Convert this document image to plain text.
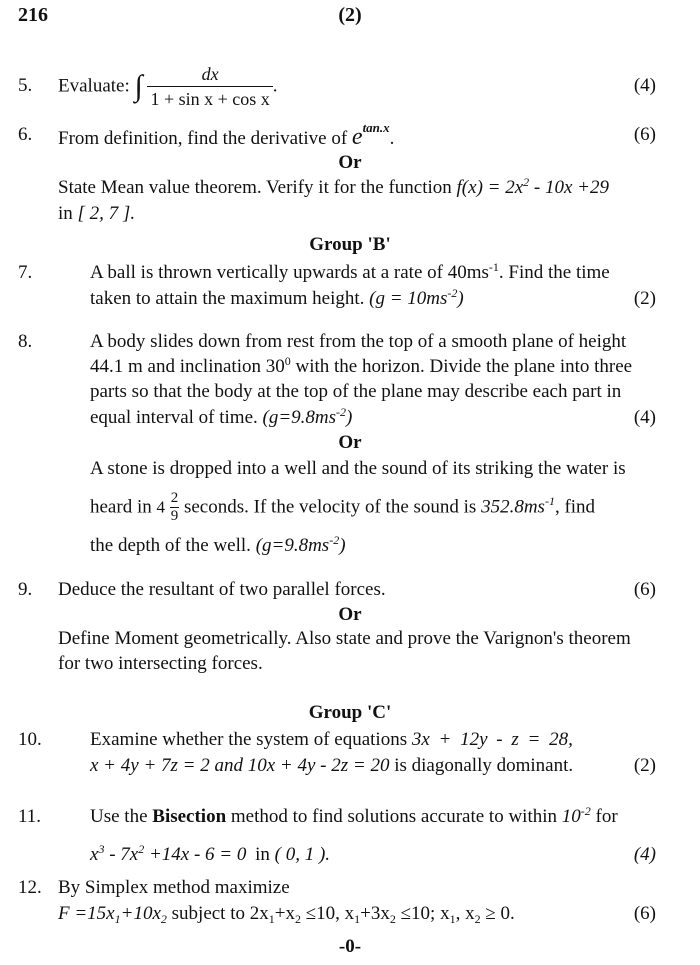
216	(2)
5. Evaluate: ∫ $\frac{dx}{\text{1 + sin x + cos x}}$ .	(4)
6. From definition, find the derivative of $e^{tan.x}$.	(6)
Or
State Mean value theorem. Verify it for the function $f(x) = 2x^2 - 10x +29$
in [ 2, 7 ].
Group 'B'
7.	A ball is thrown vertically upwards at a rate of $40ms^{-1}$. Find the time
taken to attain the maximum height. $(g = 10ms^{-2})$	(2)
8.	A body slides down from rest from the top of a smooth plane of height
44.1 m and inclination $30^0$ with the horizon. Divide the plane into three
parts so that the body at the top of the plane may describe each part in
equal interval of time. $(g=9.8ms^{-2})$	(4)
Or
A stone is dropped into a well and the sound of its striking the water is
heard in $4 \frac{2}{9}$ seconds. If the velocity of the sound is $352.8ms^{-1}$, find
the depth of the well. $(g=9.8ms^{-2})$
9. Deduce the resultant of two parallel forces.	(6)
Or
Define Moment geometrically. Also state and prove the Varignon's theorem
for two intersecting forces.
Group 'C'
10.	Examine whether the system of equations 3x + 12y - z = 28,
x + 4y + 7z = 2 and 10x + 4y - 2z = 20 is diagonally dominant.	(2)
11.	Use the Bisection method to find solutions accurate to within $10^{-2}$ for
$x^3 - 7x^2 +14x - 6 = 0$ in ( 0, 1 ).	(4)
12. By Simplex method maximize
$F =15x_1+10x_2$ subject to $2x_1+x_2 \le 10$, $x_1+3x_2 \le 10$; $x_1$, $x_2 \ge 0$.	(6)
-0-
